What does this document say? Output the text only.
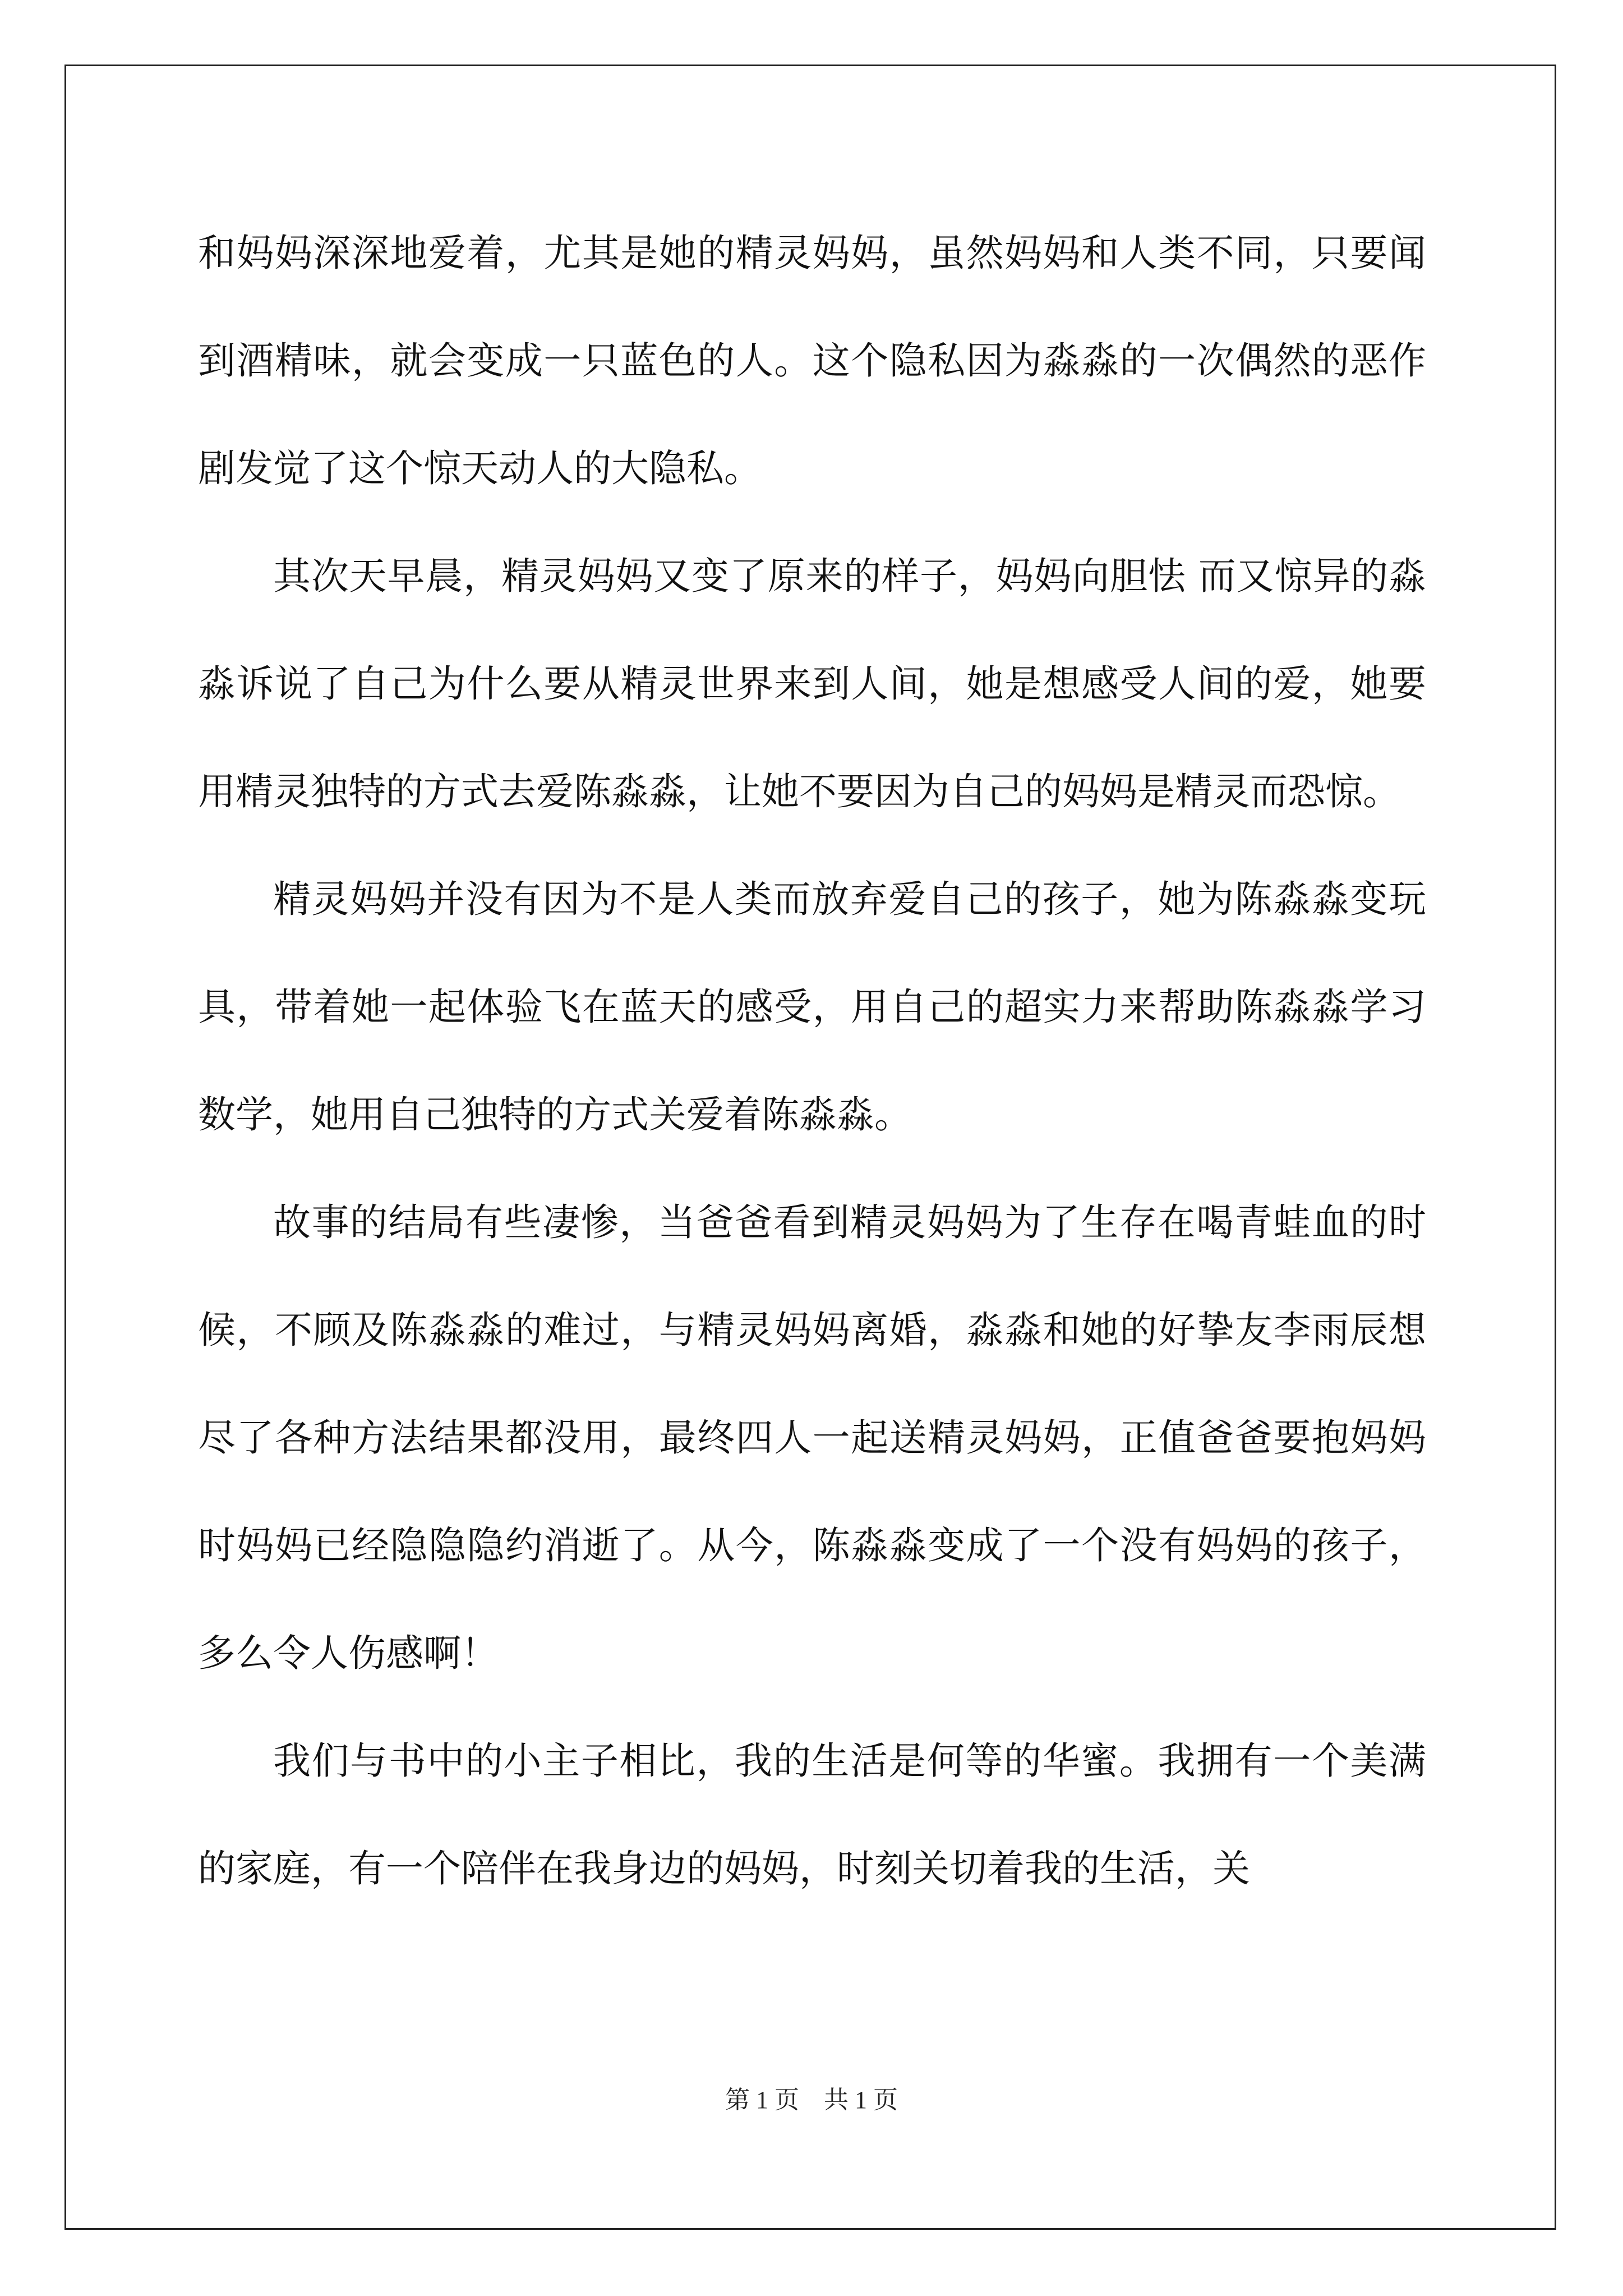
和妈妈深深地爱着，尤其是她的精灵妈妈，虽然妈妈和人类不同，只要闻到酒精味，就会变成一只蓝色的人。这个隐私因为淼淼的一次偶然的恶作剧发觉了这个惊天动人的大隐私。

其次天早晨，精灵妈妈又变了原来的样子，妈妈向胆怯 而又惊异的淼淼诉说了自己为什么要从精灵世界来到人间，她是想感受人间的爱，她要用精灵独特的方式去爱陈淼淼，让她不要因为自己的妈妈是精灵而恐惊。

精灵妈妈并没有因为不是人类而放弃爱自己的孩子，她为陈淼淼变玩具，带着她一起体验飞在蓝天的感受，用自己的超实力来帮助陈淼淼学习数学，她用自己独特的方式关爱着陈淼淼。

故事的结局有些凄惨，当爸爸看到精灵妈妈为了生存在喝青蛙血的时候，不顾及陈淼淼的难过，与精灵妈妈离婚，淼淼和她的好挚友李雨辰想尽了各种方法结果都没用，最终四人一起送精灵妈妈，正值爸爸要抱妈妈时妈妈已经隐隐隐约消逝了。从今，陈淼淼变成了一个没有妈妈的孩子，多么令人伤感啊！

我们与书中的小主子相比，我的生活是何等的华蜜。我拥有一个美满的家庭，有一个陪伴在我身边的妈妈，时刻关切着我的生活，关

第 1 页    共 1 页
